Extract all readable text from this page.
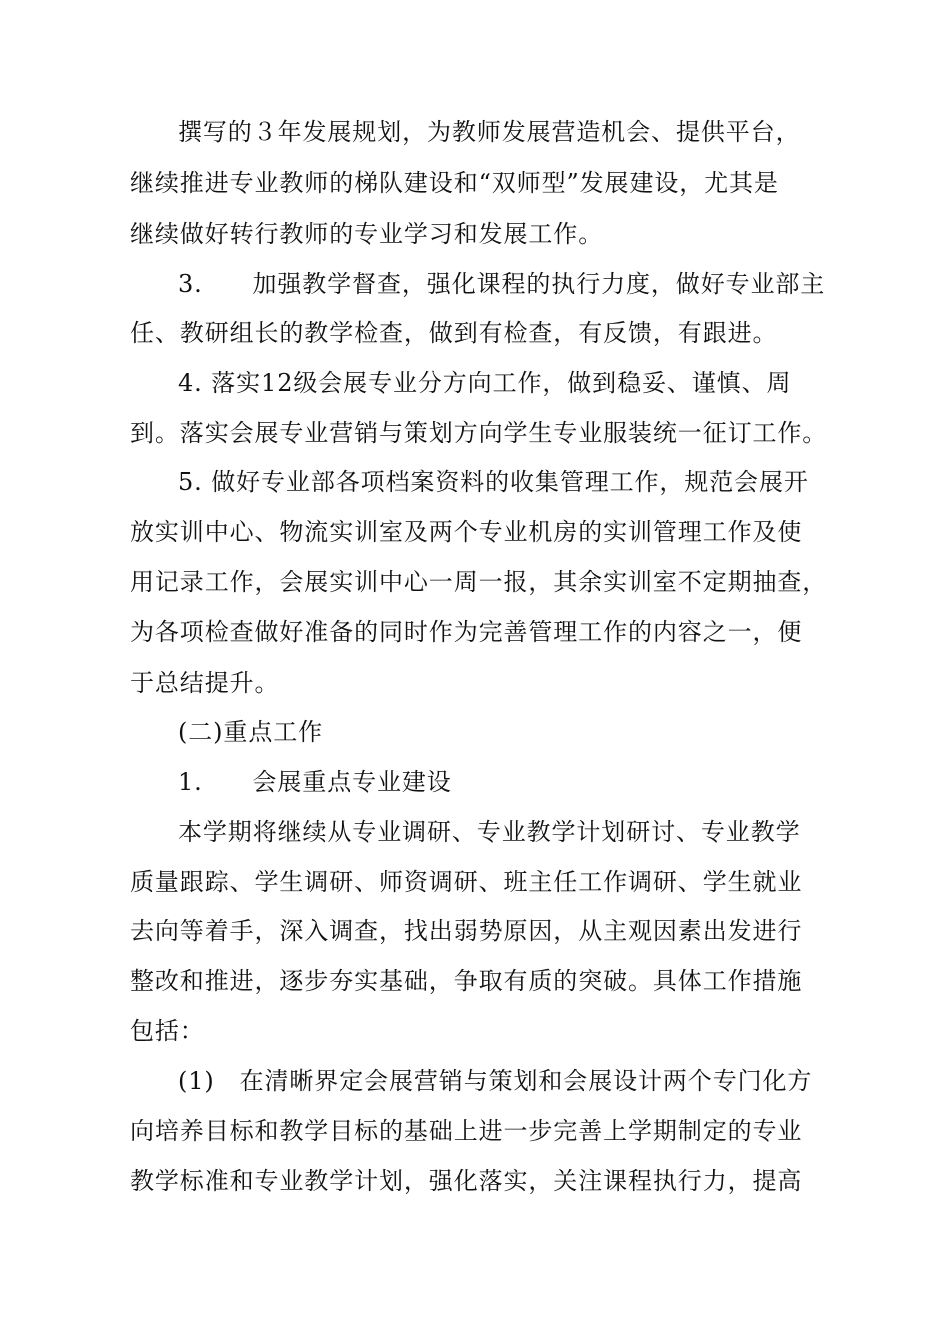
撰写的３年发展规划，为教师发展营造机会、提供平台，
继续推进专业教师的梯队建设和“双师型”发展建设，尤其是
继续做好转行教师的专业学习和发展工作。
3.　　加强教学督查，强化课程的执行力度，做好专业部主
任、教研组长的教学检查，做到有检查，有反馈，有跟进。
4. 落实12级会展专业分方向工作，做到稳妥、谨慎、周
到。落实会展专业营销与策划方向学生专业服装统一征订工作。
5. 做好专业部各项档案资料的收集管理工作，规范会展开
放实训中心、物流实训室及两个专业机房的实训管理工作及使
用记录工作，会展实训中心一周一报，其余实训室不定期抽查，
为各项检查做好准备的同时作为完善管理工作的内容之一，便
于总结提升。
(二)重点工作
1.　　会展重点专业建设
本学期将继续从专业调研、专业教学计划研讨、专业教学
质量跟踪、学生调研、师资调研、班主任工作调研、学生就业
去向等着手，深入调查，找出弱势原因，从主观因素出发进行
整改和推进，逐步夯实基础，争取有质的突破。具体工作措施
包括：
(1)　在清晰界定会展营销与策划和会展设计两个专门化方
向培养目标和教学目标的基础上进一步完善上学期制定的专业
教学标准和专业教学计划，强化落实，关注课程执行力，提高
